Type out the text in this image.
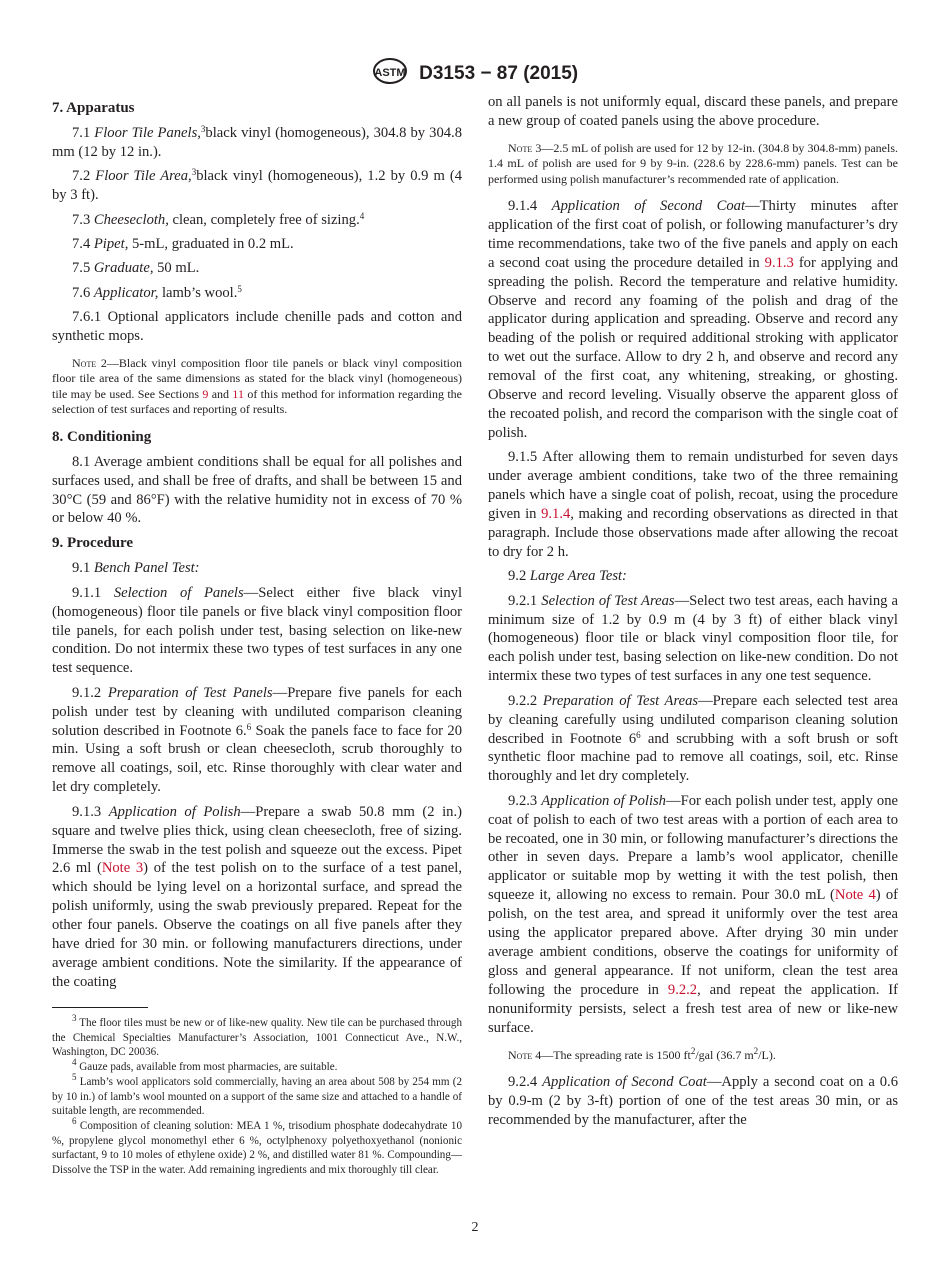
ASTM D3153 − 87 (2015)
7. Apparatus

7.1 Floor Tile Panels,$^3$black vinyl (homogeneous), 304.8 by 304.8 mm (12 by 12 in.).

7.2 Floor Tile Area,$^3$black vinyl (homogeneous), 1.2 by 0.9 m (4 by 3 ft).

7.3 Cheesecloth, clean, completely free of sizing.$^4$

7.4 Pipet, 5-mL, graduated in 0.2 mL.

7.5 Graduate, 50 mL.

7.6 Applicator, lamb’s wool.$^5$

7.6.1 Optional applicators include chenille pads and cotton and synthetic mops.

Note 2—Black vinyl composition floor tile panels or black vinyl composition floor tile area of the same dimensions as stated for the black vinyl (homogeneous) tile may be used. See Sections 9 and 11 of this method for information regarding the selection of test surfaces and reporting of results.

8. Conditioning

8.1 Average ambient conditions shall be equal for all polishes and surfaces used, and shall be free of drafts, and shall be between 15 and 30°C (59 and 86°F) with the relative humidity not in excess of 70 % or below 40 %.

9. Procedure

9.1 Bench Panel Test:

9.1.1 Selection of Panels—Select either five black vinyl (homogeneous) floor tile panels or five black vinyl composition floor tile panels, for each polish under test, basing selection on like-new condition. Do not intermix these two types of test surfaces in any one test sequence.

9.1.2 Preparation of Test Panels—Prepare five panels for each polish under test by cleaning with undiluted comparison cleaning solution described in Footnote 6.$^6$ Soak the panels face to face for 20 min. Using a soft brush or clean cheesecloth, scrub thoroughly to remove all coatings, soil, etc. Rinse thoroughly with clear water and let dry completely.

9.1.3 Application of Polish—Prepare a swab 50.8 mm (2 in.) square and twelve plies thick, using clean cheesecloth, free of sizing. Immerse the swab in the test polish and squeeze out the excess. Pipet 2.6 ml (Note 3) of the test polish on to the surface of a test panel, which should be lying level on a horizontal surface, and spread the polish uniformly, using the swab previously prepared. Repeat for the other four panels. Observe the coatings on all five panels after they have dried for 30 min. or following manufacturers directions, under average ambient conditions. Note the similarity. If the appearance of the coating

on all panels is not uniformly equal, discard these panels, and prepare a new group of coated panels using the above procedure.

Note 3—2.5 mL of polish are used for 12 by 12-in. (304.8 by 304.8-mm) panels. 1.4 mL of polish are used for 9 by 9-in. (228.6 by 228.6-mm) panels. Test can be performed using polish manufacturer’s recommended rate of application.

9.1.4 Application of Second Coat—Thirty minutes after application of the first coat of polish, or following manufacturer’s dry time recommendations, take two of the five panels and apply on each a second coat using the procedure detailed in 9.1.3 for applying and spreading the polish. Record the temperature and relative humidity. Observe and record any foaming of the polish and drag of the applicator during application and spreading. Observe and record any beading of the polish or required additional stroking with applicator to wet out the surface. Allow to dry 2 h, and observe and record any removal of the first coat, any whitening, streaking, or ghosting. Observe and record leveling. Visually observe the apparent gloss of the recoated polish, and record the comparison with the single coat of polish.

9.1.5 After allowing them to remain undisturbed for seven days under average ambient conditions, take two of the three remaining panels which have a single coat of polish, recoat, using the procedure given in 9.1.4, making and recording observations as directed in that paragraph. Include those observations made after allowing the recoat to dry for 2 h.

9.2 Large Area Test:

9.2.1 Selection of Test Areas—Select two test areas, each having a minimum size of 1.2 by 0.9 m (4 by 3 ft) of either black vinyl (homogeneous) floor tile or black vinyl composition floor tile, for each polish under test, basing selection on like-new condition. Do not intermix these two types of test surfaces in any one test sequence.

9.2.2 Preparation of Test Areas—Prepare each selected test area by cleaning carefully using undiluted comparison cleaning solution described in Footnote $6^6$ and scrubbing with a soft brush or soft synthetic floor machine pad to remove all coatings, soil, etc. Rinse thoroughly and let dry completely.

9.2.3 Application of Polish—For each polish under test, apply one coat of polish to each of two test areas with a portion of each area to be recoated, one in 30 min, or following manufacturer’s directions the other in seven days. Prepare a lamb’s wool applicator, chenille applicator or suitable mop by wetting it with the test polish, then squeeze it, allowing no excess to remain. Pour 30.0 mL (Note 4) of polish, on the test area, and spread it uniformly over the test area using the applicator prepared above. After drying 30 min under average ambient conditions, observe the coatings for uniformity of gloss and general appearance. If not uniform, clean the test area following the procedure in 9.2.2, and repeat the application. If nonuniformity persists, select a fresh test area of new or like-new surface.

Note 4—The spreading rate is 1500 $ft^2$/gal (36.7 $m^2/L$).

9.2.4 Application of Second Coat—Apply a second coat on a 0.6 by 0.9-m (2 by 3-ft) portion of one of the test areas 30 min, or as recommended by the manufacturer, after the

$^3$ The floor tiles must be new or of like-new quality. New tile can be purchased through the Chemical Specialties Manufacturer’s Association, 1001 Connecticut Ave., N.W., Washington, DC 20036.

$^4$ Gauze pads, available from most pharmacies, are suitable.

$^5$ Lamb’s wool applicators sold commercially, having an area about 508 by 254 mm (2 by 10 in.) of lamb’s wool mounted on a support of the same size and attached to a handle of suitable length, are recommended.

$^6$ Composition of cleaning solution: MEA 1 %, trisodium phosphate dodecahydrate 10 %, propylene glycol monomethyl ether 6 %, octylphenoxy polyethoxyethanol (nonionic surfactant, 9 to 10 moles of ethylene oxide) 2 %, and distilled water 81 %. Compounding—Dissolve the TSP in the water. Add remaining ingredients and mix thoroughly till clear.

2
